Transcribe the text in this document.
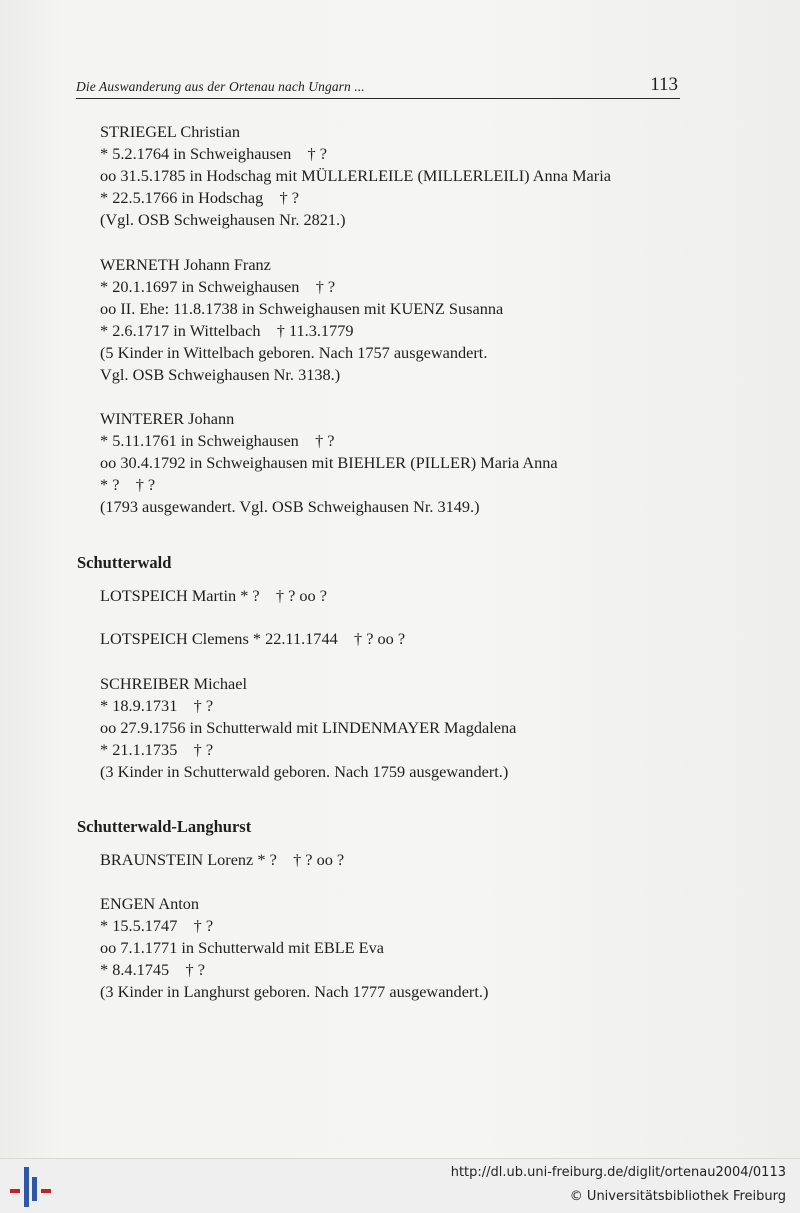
Die Auswanderung aus der Ortenau nach Ungarn ...	113
STRIEGEL Christian
* 5.2.1764 in Schweighausen    † ?
oo 31.5.1785 in Hodschag mit MÜLLERLEILE (MILLERLEILI) Anna Maria
* 22.5.1766 in Hodschag    † ?
(Vgl. OSB Schweighausen Nr. 2821.)
WERNETH Johann Franz
* 20.1.1697 in Schweighausen    † ?
oo II. Ehe: 11.8.1738 in Schweighausen mit KUENZ Susanna
* 2.6.1717 in Wittelbach    † 11.3.1779
(5 Kinder in Wittelbach geboren. Nach 1757 ausgewandert.
Vgl. OSB Schweighausen Nr. 3138.)
WINTERER Johann
* 5.11.1761 in Schweighausen    † ?
oo 30.4.1792 in Schweighausen mit BIEHLER (PILLER) Maria Anna
* ?    † ?
(1793 ausgewandert. Vgl. OSB Schweighausen Nr. 3149.)
Schutterwald
LOTSPEICH Martin * ?    † ? oo ?
LOTSPEICH Clemens * 22.11.1744    † ? oo ?
SCHREIBER Michael
* 18.9.1731    † ?
oo 27.9.1756 in Schutterwald mit LINDENMAYER Magdalena
* 21.1.1735    † ?
(3 Kinder in Schutterwald geboren. Nach 1759 ausgewandert.)
Schutterwald-Langhurst
BRAUNSTEIN Lorenz * ?    † ? oo ?
ENGEN Anton
* 15.5.1747    † ?
oo 7.1.1771 in Schutterwald mit EBLE Eva
* 8.4.1745    † ?
(3 Kinder in Langhurst geboren. Nach 1777 ausgewandert.)
http://dl.ub.uni-freiburg.de/diglit/ortenau2004/0113
© Universitätsbibliothek Freiburg
